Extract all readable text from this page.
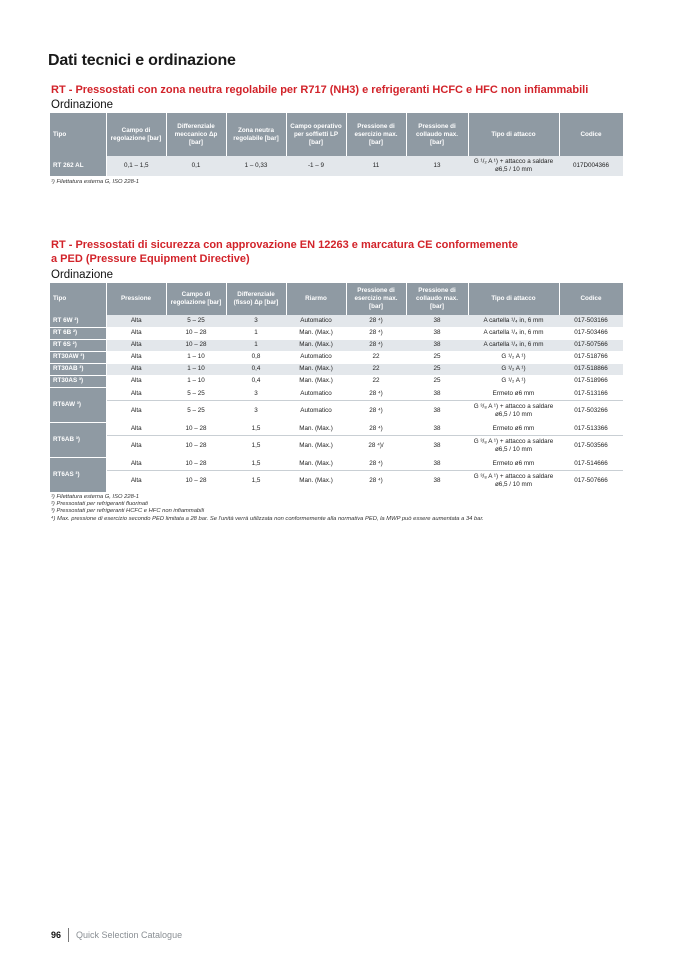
Dati tecnici e ordinazione
RT - Pressostati con zona neutra regolabile per R717 (NH3) e refrigeranti HCFC e HFC non infiammabili
Ordinazione
Tipo	Campo di regolazione [bar]	Differenziale meccanico Δp [bar]	Zona neutra regolabile [bar]	Campo operativo per soffietti LP [bar]	Pressione di esercizio max. [bar]	Pressione di collaudo max. [bar]	Tipo di attacco	Codice
RT 262 AL	0,1 – 1,5	0,1	1 – 0,33	-1 – 9	11	13	G ¹/₂ A ¹) + attacco a saldare ø6,5 / 10 mm	017D004366
¹) Filettatura esterna G, ISO 228-1
RT - Pressostati di sicurezza con approvazione EN 12263 e marcatura CE conformemente
a PED (Pressure Equipment Directive)
Ordinazione
Tipo	Pressione	Campo di regolazione [bar]	Differenziale (fisso) Δp [bar]	Riarmo	Pressione di esercizio max. [bar]	Pressione di collaudo max. [bar]	Tipo di attacco	Codice
RT 6W ²)	Alta	5 – 25	3	Automatico	28 ⁴)	38	A cartella ¹/₄ in, 6 mm	017-503166
RT 6B ²)	Alta	10 – 28	1	Man. (Max.)	28 ⁴)	38	A cartella ¹/₄ in, 6 mm	017-503466
RT 6S ²)	Alta	10 – 28	1	Man. (Max.)	28 ⁴)	38	A cartella ¹/₄ in, 6 mm	017-507566
RT30AW ³)	Alta	1 – 10	0,8	Automatico	22	25	G ¹/₂ A ¹)	017-518766
RT30AB ³)	Alta	1 – 10	0,4	Man. (Max.)	22	25	G ¹/₂ A ¹)	017-518866
RT30AS ³)	Alta	1 – 10	0,4	Man. (Max.)	22	25	G ¹/₂ A ¹)	017-518966
RT6AW ³)	Alta	5 – 25	3	Automatico	28 ⁴)	38	Ermeto ø6 mm	017-513166
	Alta	5 – 25	3	Automatico	28 ⁴)	38	G ³/₈ A ¹) + attacco a saldare ø6,5 / 10 mm	017-503266
RT6AB ³)	Alta	10 – 28	1,5	Man. (Max.)	28 ⁴)	38	Ermeto ø6 mm	017-513366
	Alta	10 – 28	1,5	Man. (Max.)	28 ⁴)/	38	G ³/₈ A ¹) + attacco a saldare ø6,5 / 10 mm	017-503566
RT6AS ³)	Alta	10 – 28	1,5	Man. (Max.)	28 ⁴)	38	Ermeto ø6 mm	017-514666
	Alta	10 – 28	1,5	Man. (Max.)	28 ⁴)	38	G ³/₈ A ¹) + attacco a saldare ø6,5 / 10 mm	017-507666
¹) Filettatura esterna G, ISO 228-1
²) Pressostati per refrigeranti fluorinati
³) Pressostati per refrigeranti HCFC e HFC non infiammabili
⁴) Max. pressione di esercizio secondo PED limitata a 28 bar. Se l'unità verrà utilizzata non conformemente alla normativa PED, la MWP può essere aumentata a 34 bar.
96 Quick Selection Catalogue
